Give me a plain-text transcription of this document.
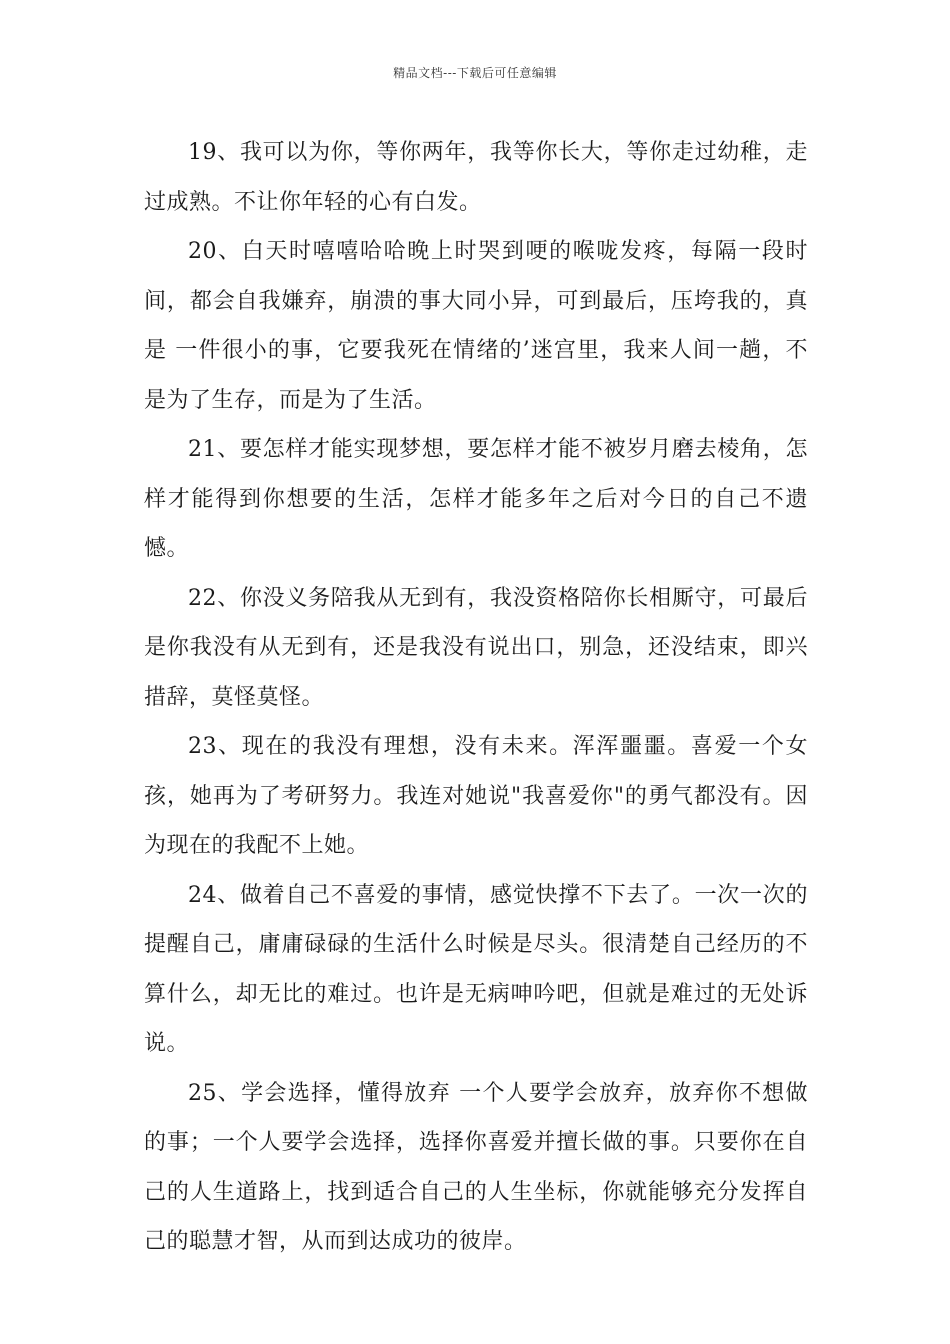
精品文档---下载后可任意编辑

19、我可以为你，等你两年，我等你长大，等你走过幼稚，走过成熟。不让你年轻的心有白发。

20、白天时嘻嘻哈哈晚上时哭到哽的喉咙发疼，每隔一段时间，都会自我嫌弃，崩溃的事大同小异，可到最后，压垮我的，真是 一件很小的事，它要我死在情绪的’迷宫里，我来人间一趟，不是为了生存，而是为了生活。

21、要怎样才能实现梦想，要怎样才能不被岁月磨去棱角，怎样才能得到你想要的生活，怎样才能多年之后对今日的自己不遗憾。

22、你没义务陪我从无到有，我没资格陪你长相厮守，可最后是你我没有从无到有，还是我没有说出口，别急，还没结束，即兴措辞，莫怪莫怪。

23、现在的我没有理想，没有未来。浑浑噩噩。喜爱一个女孩，她再为了考研努力。我连对她说"我喜爱你"的勇气都没有。因为现在的我配不上她。

24、做着自己不喜爱的事情，感觉快撑不下去了。一次一次的提醒自己，庸庸碌碌的生活什么时候是尽头。很清楚自己经历的不算什么，却无比的难过。也许是无病呻吟吧，但就是难过的无处诉说。

25、学会选择，懂得放弃 一个人要学会放弃，放弃你不想做的事；一个人要学会选择，选择你喜爱并擅长做的事。只要你在自己的人生道路上，找到适合自己的人生坐标，你就能够充分发挥自己的聪慧才智，从而到达成功的彼岸。
